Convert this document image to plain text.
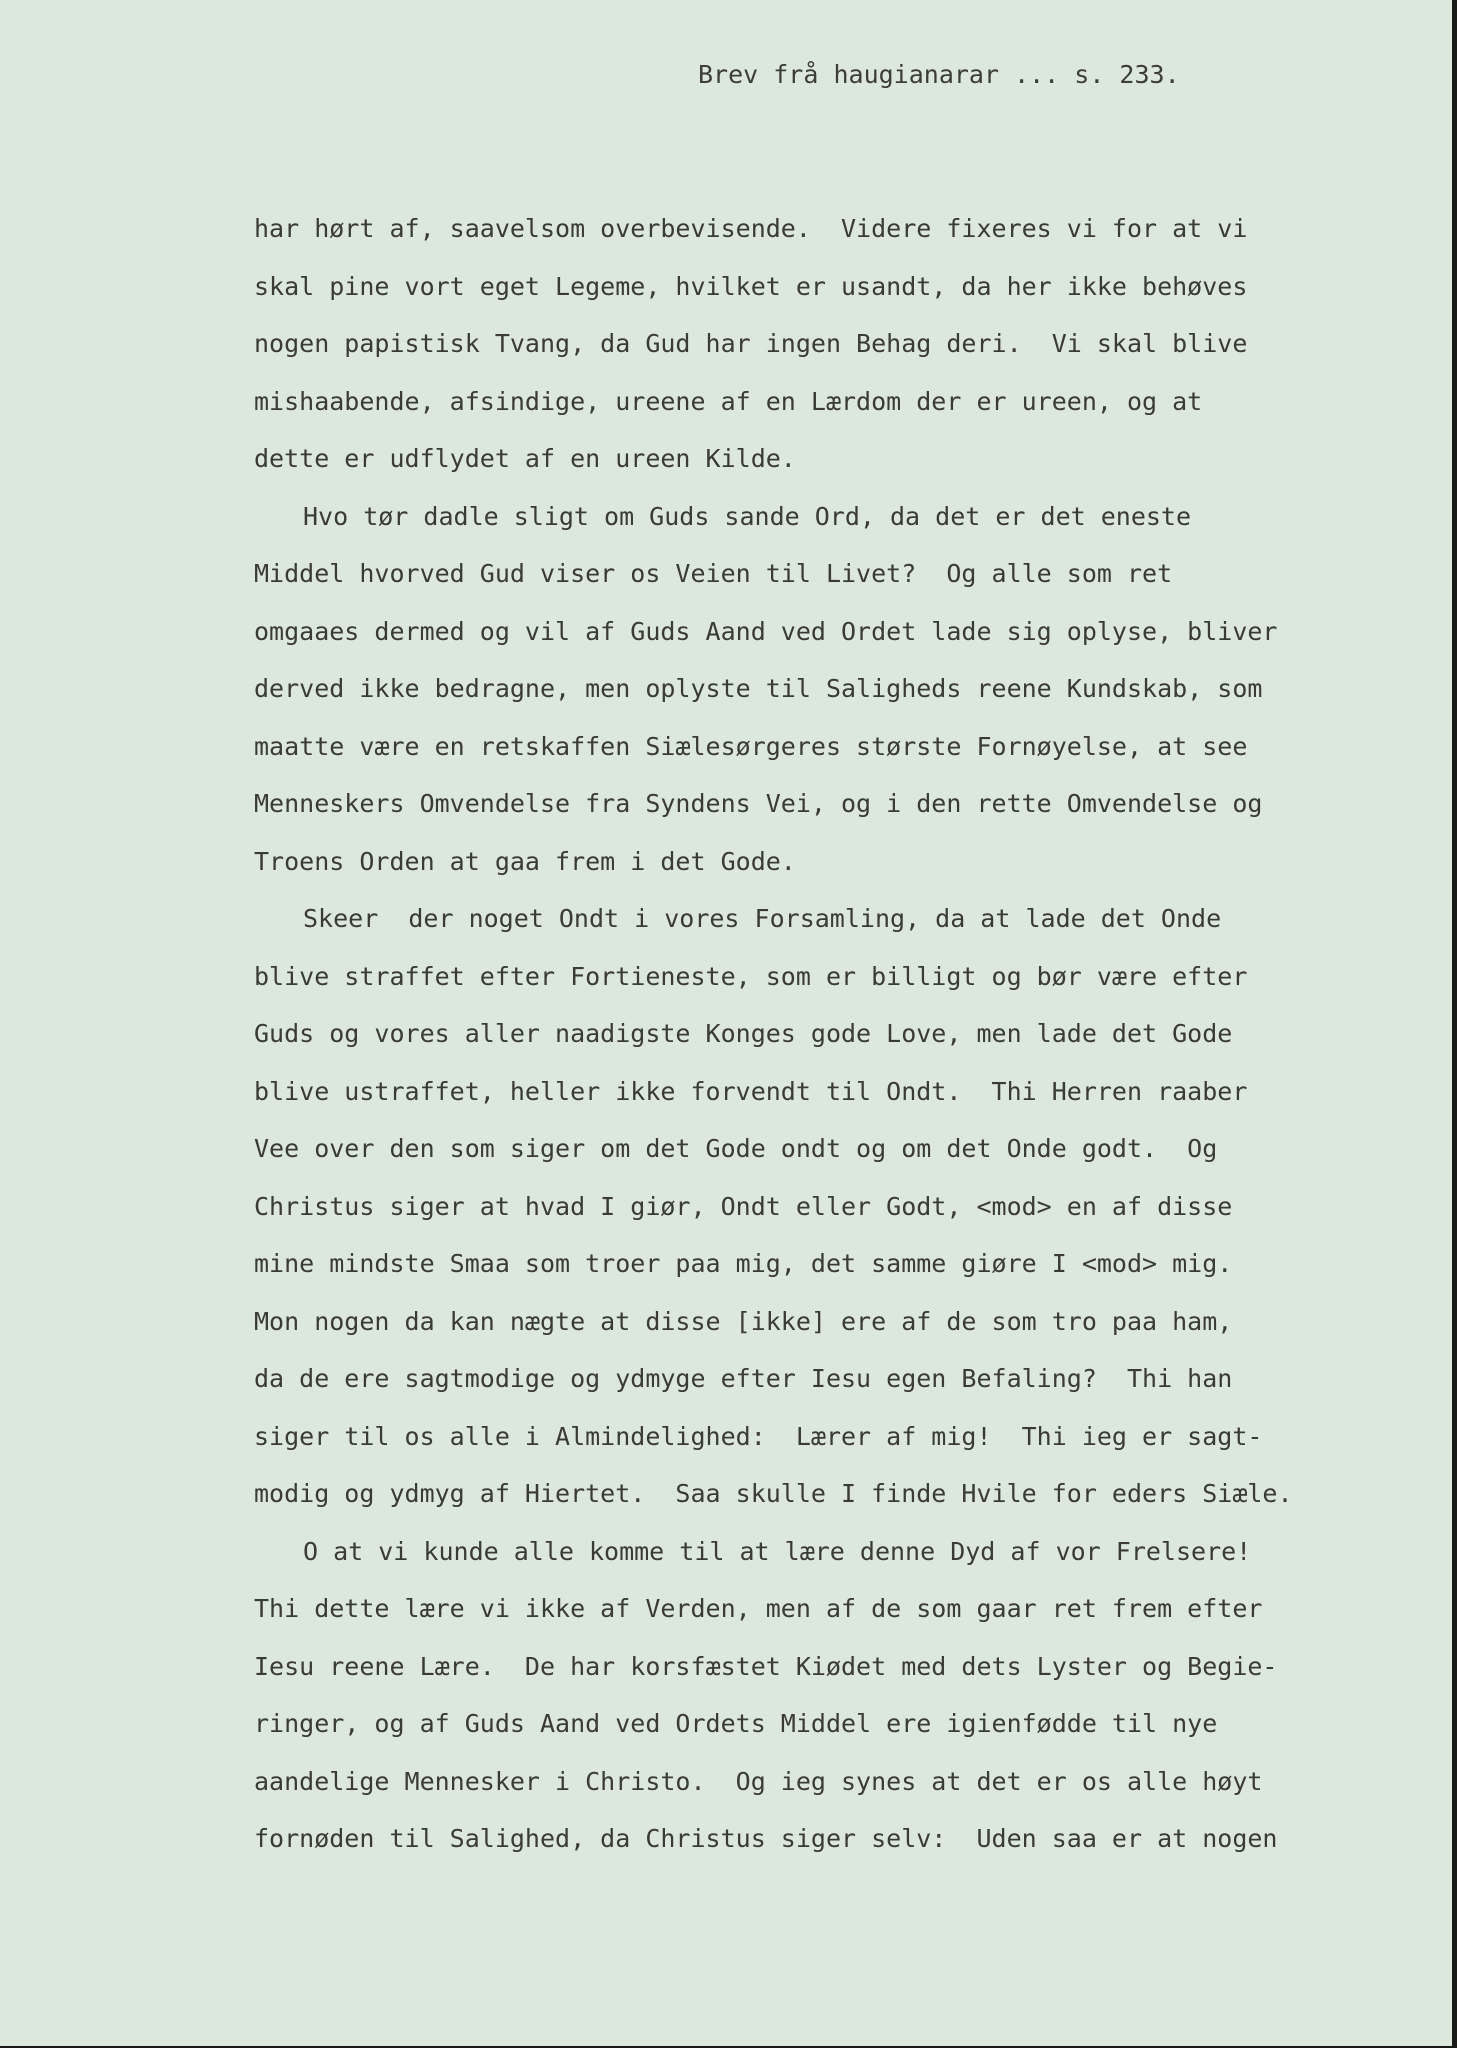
Brev frå haugianarar ... s. 233.

har hørt af, saavelsom overbevisende.  Videre fixeres vi for at vi

skal pine vort eget Legeme, hvilket er usandt, da her ikke behøves

nogen papistisk Tvang, da Gud har ingen Behag deri.  Vi skal blive

mishaabende, afsindige, ureene af en Lærdom der er ureen, og at

dette er udflydet af en ureen Kilde.

Hvo tør dadle sligt om Guds sande Ord, da det er det eneste

Middel hvorved Gud viser os Veien til Livet?  Og alle som ret

omgaaes dermed og vil af Guds Aand ved Ordet lade sig oplyse, bliver

derved ikke bedragne, men oplyste til Saligheds reene Kundskab, som

maatte være en retskaffen Siælesørgeres største Fornøyelse, at see

Menneskers Omvendelse fra Syndens Vei, og i den rette Omvendelse og

Troens Orden at gaa frem i det Gode.

Skeer  der noget Ondt i vores Forsamling, da at lade det Onde

blive straffet efter Fortieneste, som er billigt og bør være efter

Guds og vores aller naadigste Konges gode Love, men lade det Gode

blive ustraffet, heller ikke forvendt til Ondt.  Thi Herren raaber

Vee over den som siger om det Gode ondt og om det Onde godt.  Og

Christus siger at hvad I giør, Ondt eller Godt, <mod> en af disse

mine mindste Smaa som troer paa mig, det samme giøre I <mod> mig.

Mon nogen da kan nægte at disse [ikke] ere af de som tro paa ham,

da de ere sagtmodige og ydmyge efter Iesu egen Befaling?  Thi han

siger til os alle i Almindelighed:  Lærer af mig!  Thi ieg er sagt-

modig og ydmyg af Hiertet.  Saa skulle I finde Hvile for eders Siæle.

O at vi kunde alle komme til at lære denne Dyd af vor Frelsere!

Thi dette lære vi ikke af Verden, men af de som gaar ret frem efter

Iesu reene Lære.  De har korsfæstet Kiødet med dets Lyster og Begie-

ringer, og af Guds Aand ved Ordets Middel ere igienfødde til nye

aandelige Mennesker i Christo.  Og ieg synes at det er os alle høyt

fornøden til Salighed, da Christus siger selv:  Uden saa er at nogen
